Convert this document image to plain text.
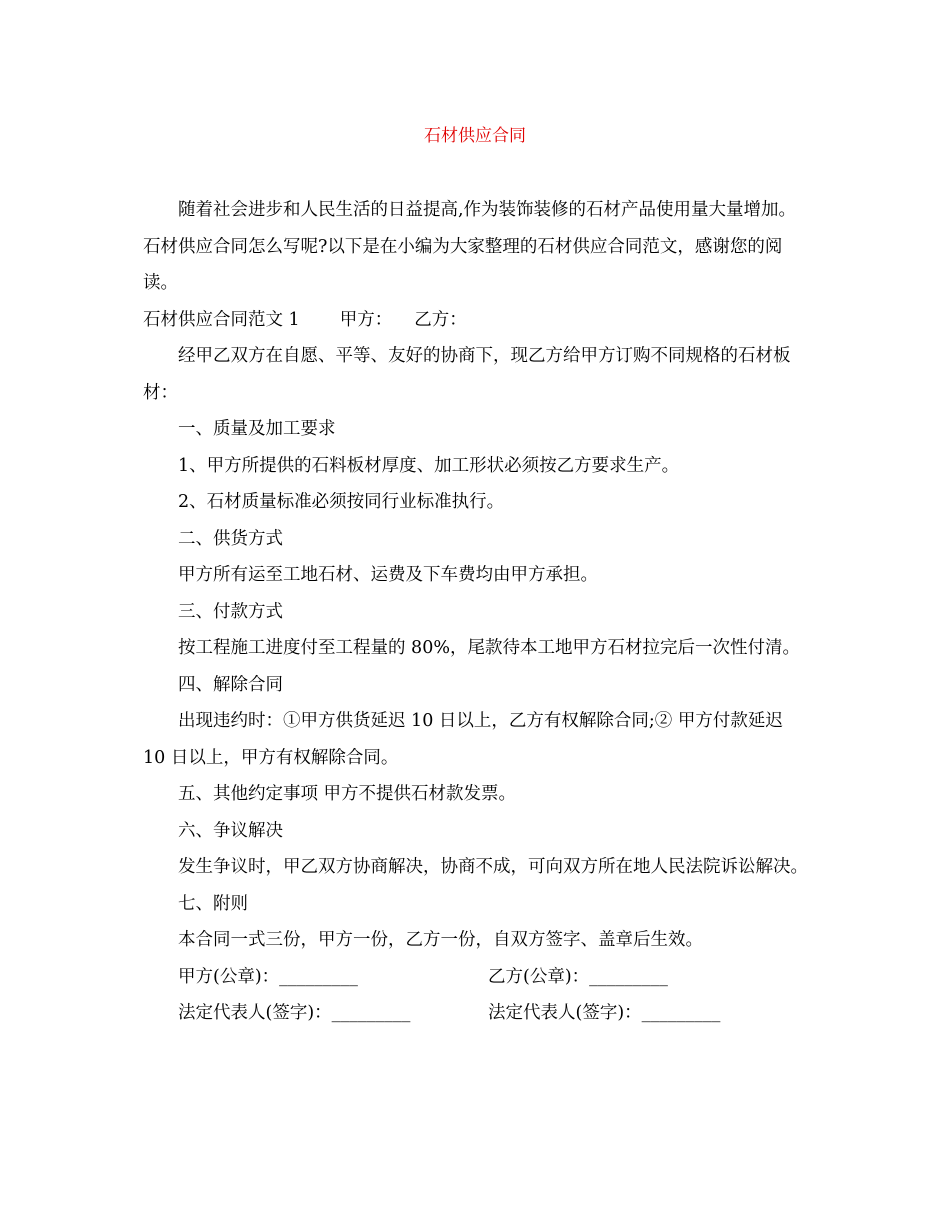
石材供应合同

随着社会进步和人民生活的日益提高,作为装饰装修的石材产品使用量大量增加。石材供应合同怎么写呢?以下是在小编为大家整理的石材供应合同范文，感谢您的阅读。

石材供应合同范文 1 甲方： 乙方：

经甲乙双方在自愿、平等、友好的协商下，现乙方给甲方订购不同规格的石材板材：

一、质量及加工要求

1、甲方所提供的石料板材厚度、加工形状必须按乙方要求生产。

2、石材质量标准必须按同行业标准执行。

二、供货方式

甲方所有运至工地石材、运费及下车费均由甲方承担。

三、付款方式

按工程施工进度付至工程量的 80%，尾款待本工地甲方石材拉完后一次性付清。

四、解除合同

出现违约时：①甲方供货延迟 10 日以上，乙方有权解除合同;② 甲方付款延迟 10 日以上，甲方有权解除合同。

五、其他约定事项 甲方不提供石材款发票。

六、争议解决

发生争议时，甲乙双方协商解决，协商不成，可向双方所在地人民法院诉讼解决。

七、附则

本合同一式三份，甲方一份，乙方一份，自双方签字、盖章后生效。

甲方(公章)：_________	乙方(公章)：_________
法定代表人(签字)：_________	法定代表人(签字)：_________
